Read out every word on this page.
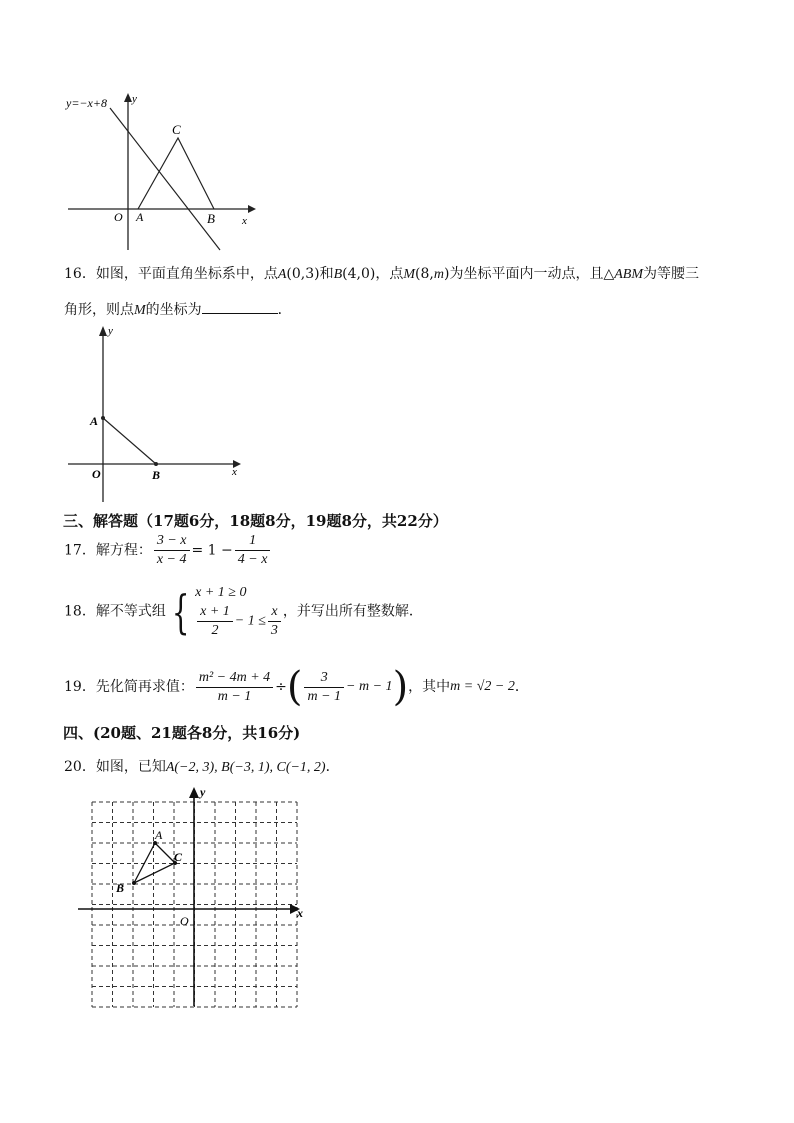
y=−x+8 y
x
O A	B
C
16．如图，平面直角坐标系中，点A(0,3)和B(4,0)，点M(8,m)为坐标平面内一动点，且△ABM为等腰三
角形，则点M的坐标为	．
y
x
O
A
B
三、解答题（17题6分，18题8分，19题8分，共22分）
17．解方程： $\frac{3 - x}{x - 4} = 1 - \frac{1}{4 - x}$
18．解不等式组 { x + 1 ≥ 0
$\frac{x + 1}{2} - 1 \le \frac{x}{3}$ ，并写出所有整数解．
19．先化简再求值： $\frac{\text{m² − 4m + 4}}{m - 1}$ ÷( $\frac{3}{m - 1} - m - 1$)，其中m = √2 − 2．
四、(20题、21题各8分，共16分)
20．如图，已知A(−2, 3), B(−3, 1), C(−1, 2)．
y
x
O
A
B
C
